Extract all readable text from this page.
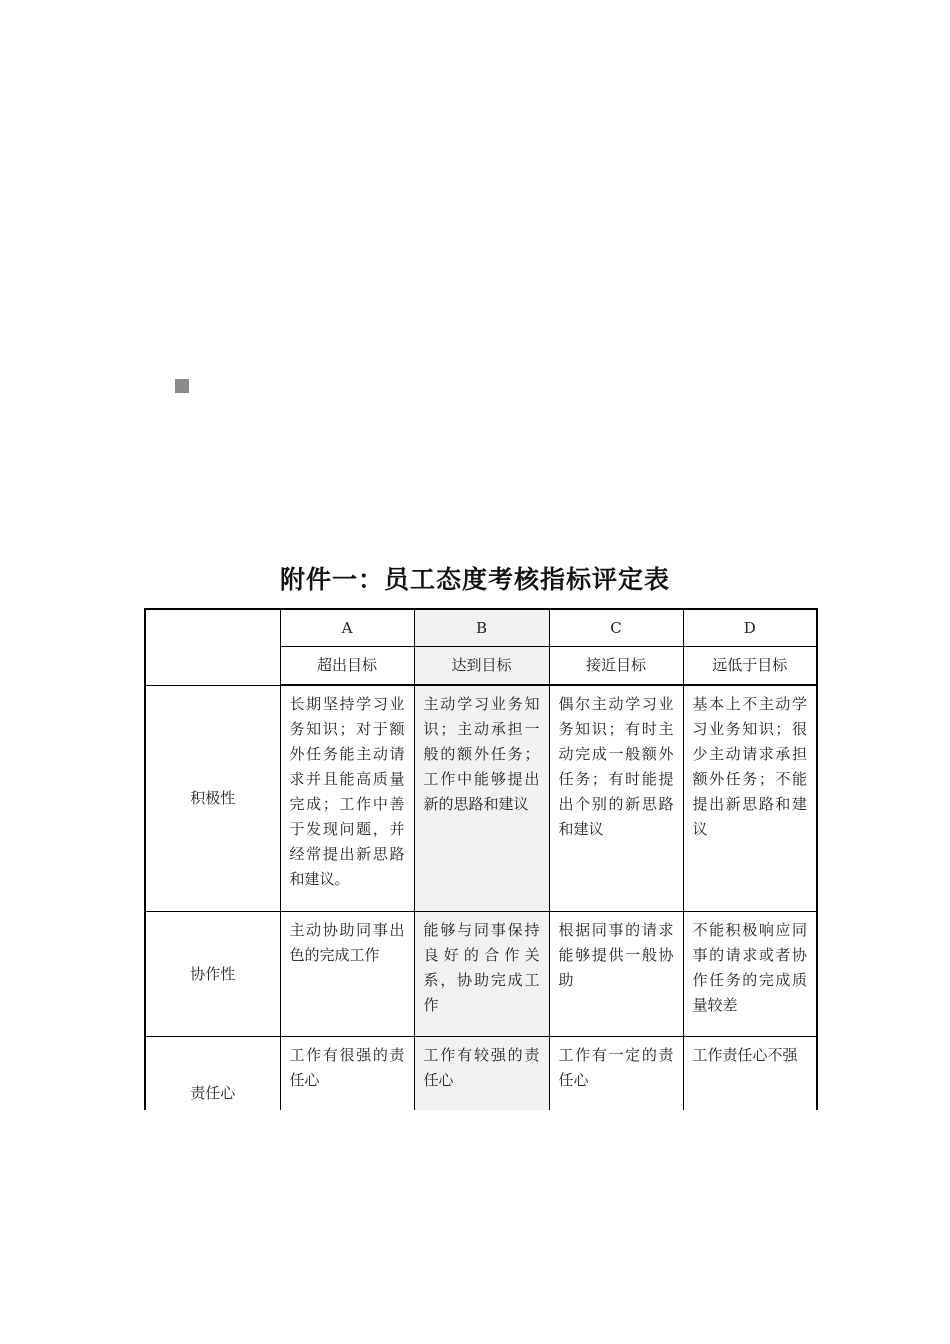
附件一：员工态度考核指标评定表
	A	B	C	D
	超出目标	达到目标	接近目标	远低于目标
积极性	长期坚持学习业务知识；对于额外任务能主动请求并且能高质量完成；工作中善于发现问题，并经常提出新思路和建议。	主动学习业务知识；主动承担一般的额外任务；工作中能够提出新的思路和建议	偶尔主动学习业务知识；有时主动完成一般额外任务；有时能提出个别的新思路和建议	基本上不主动学习业务知识；很少主动请求承担额外任务；不能提出新思路和建议
协作性	主动协助同事出色的完成工作	能够与同事保持良好的合作关系，协助完成工作	根据同事的请求能够提供一般协助	不能积极响应同事的请求或者协作任务的完成质量较差
责任心	工作有很强的责任心	工作有较强的责任心	工作有一定的责任心	工作责任心不强
